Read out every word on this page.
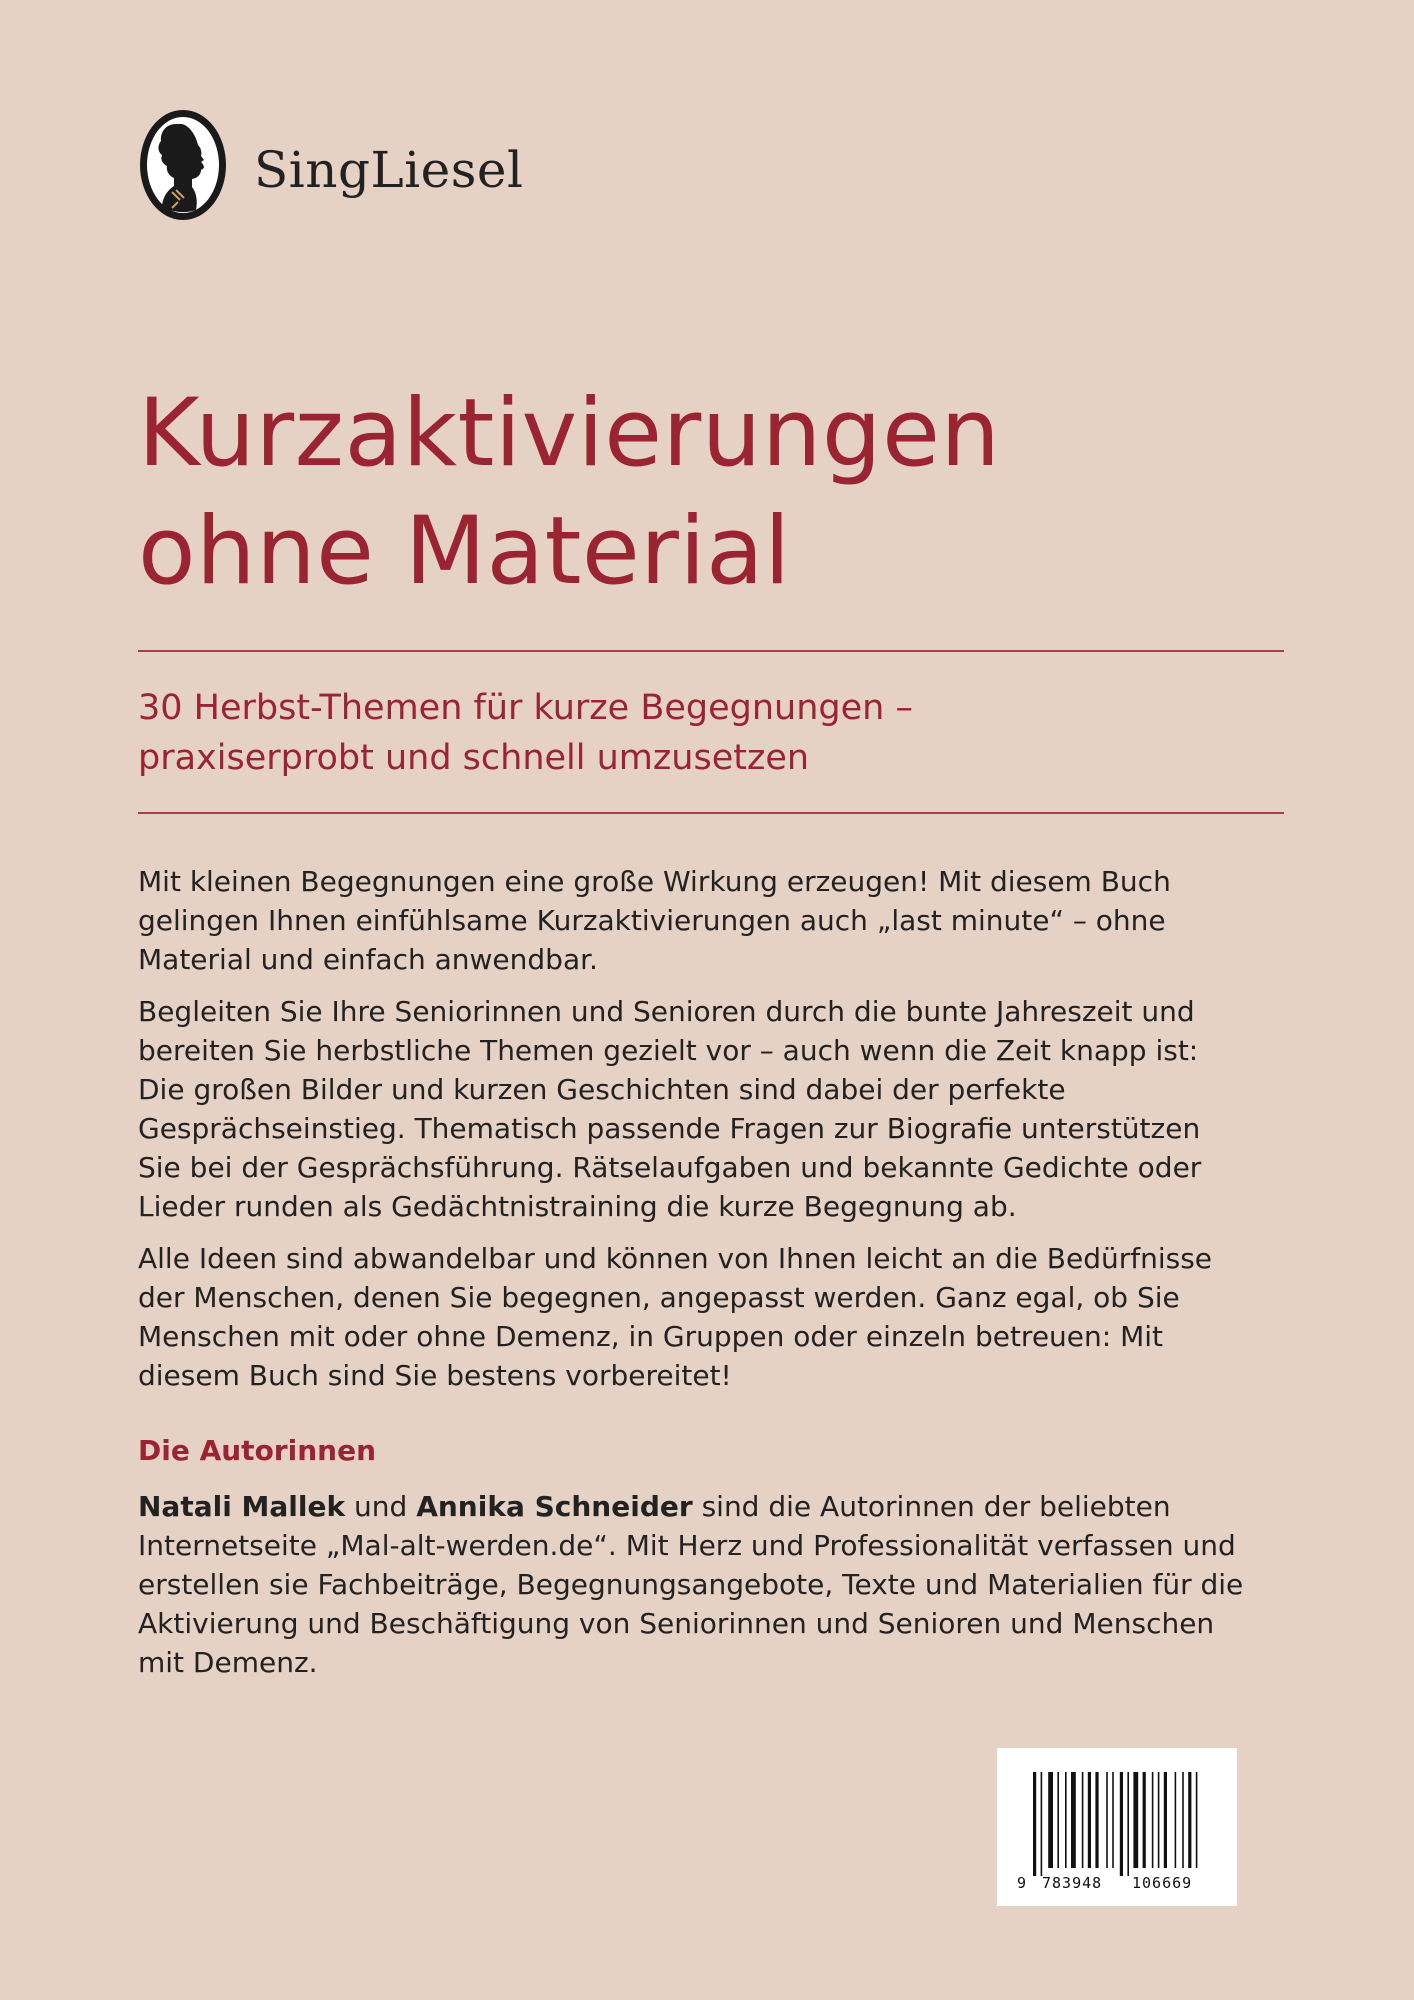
SingLiesel
Kurzaktivierungen
ohne Material

30 Herbst-Themen für kurze Begegnungen –
praxiserprobt und schnell umzusetzen

Mit kleinen Begegnungen eine große Wirkung erzeugen! Mit diesem Buch gelingen Ihnen einfühlsame Kurzaktivierungen auch „last minute“ – ohne Material und einfach anwendbar.

Begleiten Sie Ihre Seniorinnen und Senioren durch die bunte Jahreszeit und bereiten Sie herbstliche Themen gezielt vor – auch wenn die Zeit knapp ist: Die großen Bilder und kurzen Geschichten sind dabei der perfekte Gesprächseinstieg. Thematisch passende Fragen zur Biografie unterstützen Sie bei der Gesprächsführung. Rätselaufgaben und bekannte Gedichte oder Lieder runden als Gedächtnistraining die kurze Begegnung ab.

Alle Ideen sind abwandelbar und können von Ihnen leicht an die Bedürfnisse der Menschen, denen Sie begegnen, angepasst werden. Ganz egal, ob Sie Menschen mit oder ohne Demenz, in Gruppen oder einzeln betreuen: Mit diesem Buch sind Sie bestens vorbereitet!

Die Autorinnen

Natali Mallek und Annika Schneider sind die Autorinnen der beliebten Internetseite „Mal-alt-werden.de“. Mit Herz und Professionalität verfassen und erstellen sie Fachbeiträge, Begegnungsangebote, Texte und Materialien für die Aktivierung und Beschäftigung von Seniorinnen und Senioren und Menschen mit Demenz.

9 783948 106669
